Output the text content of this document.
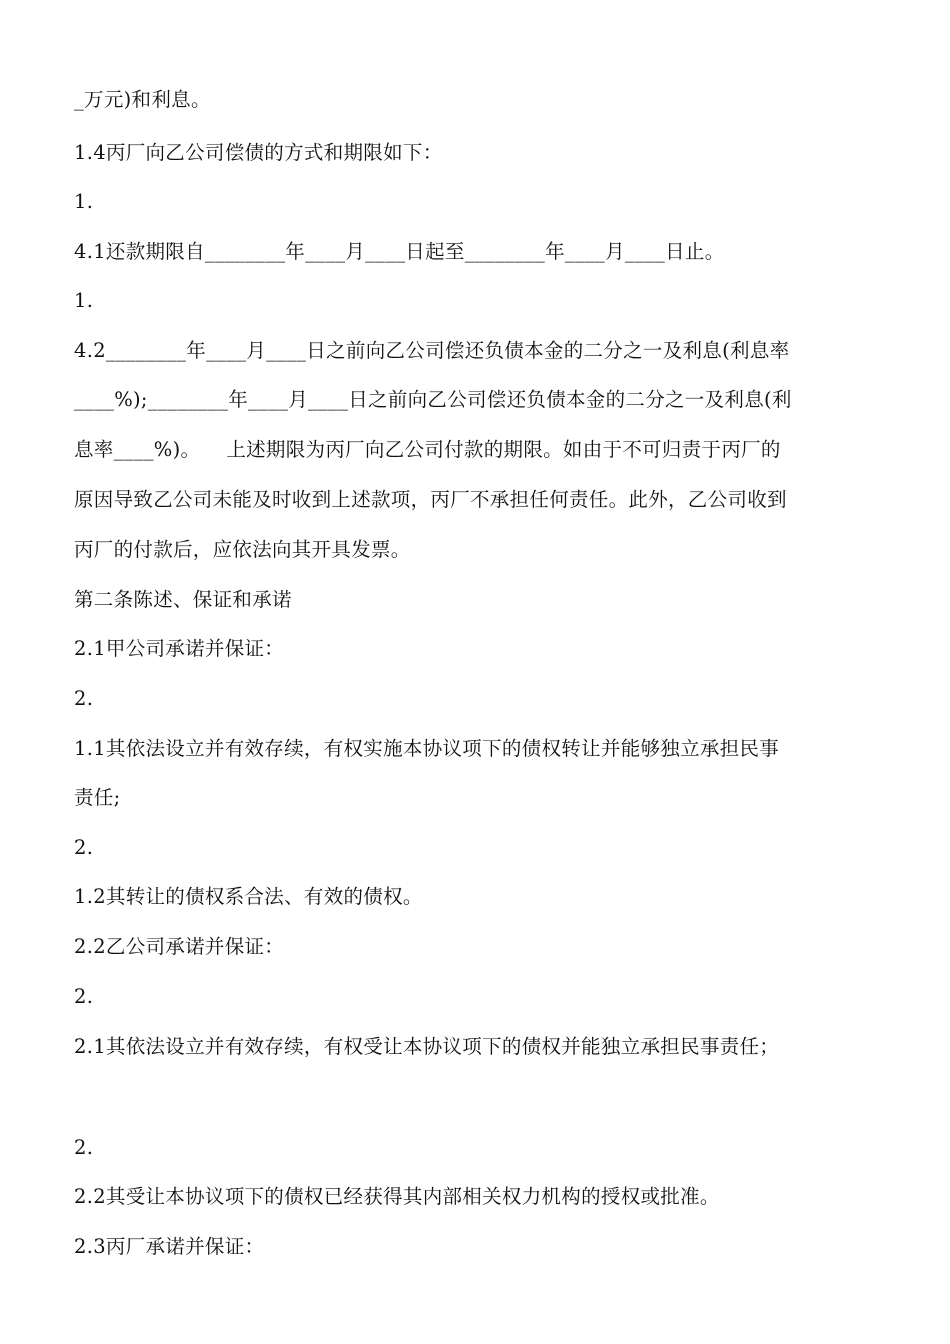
_万元)和利息。
1.4丙厂向乙公司偿债的方式和期限如下：
1.
4.1还款期限自________年____月____日起至________年____月____日止。
1.
4.2________年____月____日之前向乙公司偿还负债本金的二分之一及利息(利息率
____%);________年____月____日之前向乙公司偿还负债本金的二分之一及利息(利
息率____%)。    上述期限为丙厂向乙公司付款的期限。如由于不可归责于丙厂的
原因导致乙公司未能及时收到上述款项，丙厂不承担任何责任。此外，乙公司收到
丙厂的付款后，应依法向其开具发票。
第二条陈述、保证和承诺
2.1甲公司承诺并保证：
2.
1.1其依法设立并有效存续，有权实施本协议项下的债权转让并能够独立承担民事
责任;
2.
1.2其转让的债权系合法、有效的债权。
2.2乙公司承诺并保证：
2.
2.1其依法设立并有效存续，有权受让本协议项下的债权并能独立承担民事责任；
2.
2.2其受让本协议项下的债权已经获得其内部相关权力机构的授权或批准。
2.3丙厂承诺并保证：
